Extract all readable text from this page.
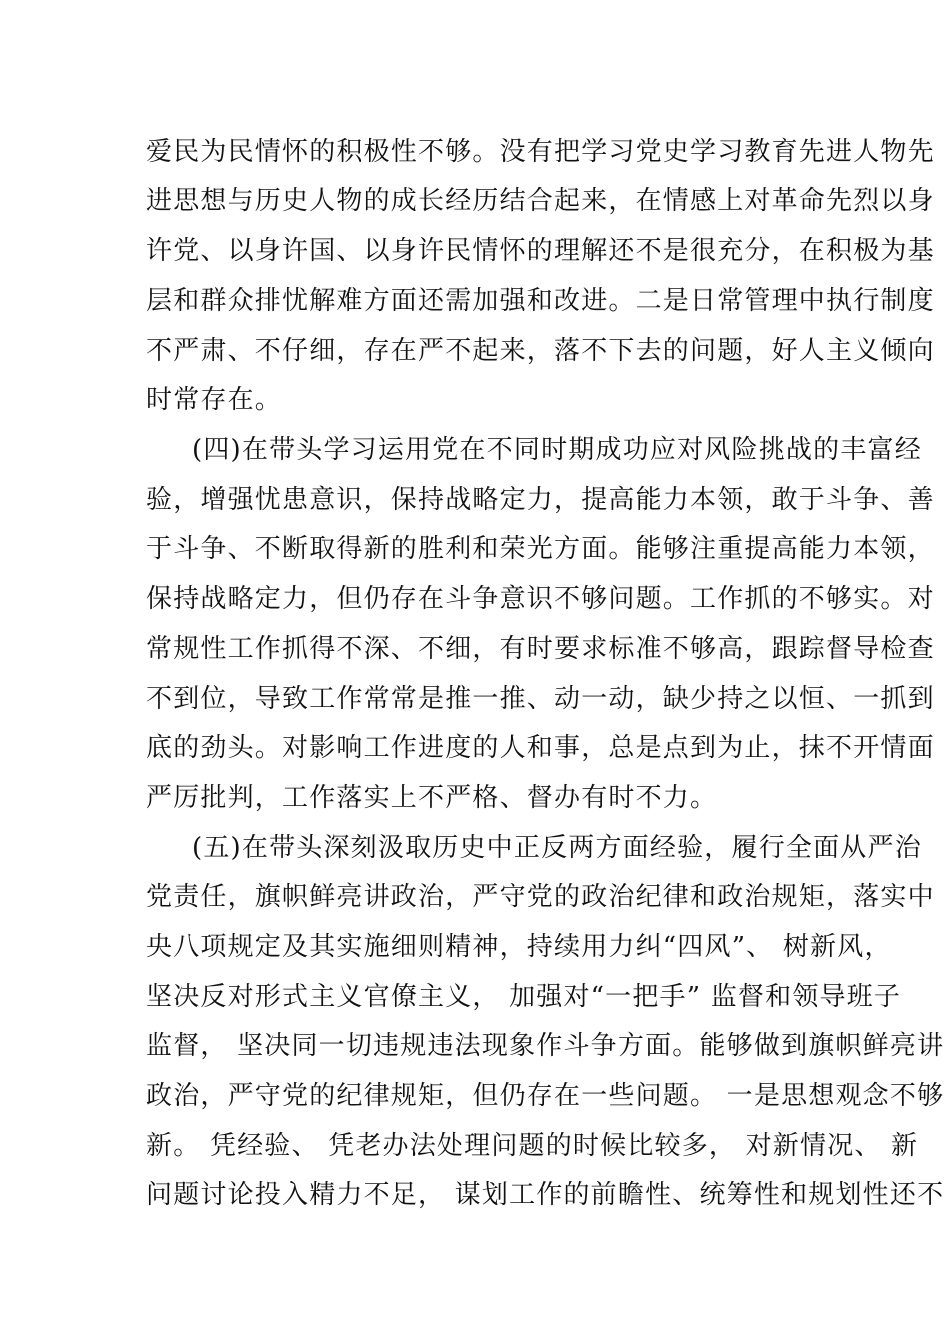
爱民为民情怀的积极性不够。没有把学习党史学习教育先进人物先
进思想与历史人物的成长经历结合起来，在情感上对革命先烈以身
许党、以身许国、以身许民情怀的理解还不是很充分，在积极为基
层和群众排忧解难方面还需加强和改进。二是日常管理中执行制度
不严肃、不仔细，存在严不起来，落不下去的问题，好人主义倾向
时常存在。
(四)在带头学习运用党在不同时期成功应对风险挑战的丰富经
验，增强忧患意识，保持战略定力，提高能力本领，敢于斗争、善
于斗争、不断取得新的胜利和荣光方面。能够注重提高能力本领，
保持战略定力，但仍存在斗争意识不够问题。工作抓的不够实。对
常规性工作抓得不深、不细，有时要求标准不够高，跟踪督导检查
不到位，导致工作常常是推一推、动一动，缺少持之以恒、一抓到
底的劲头。对影响工作进度的人和事，总是点到为止，抹不开情面
严厉批判，工作落实上不严格、督办有时不力。
(五)在带头深刻汲取历史中正反两方面经验，履行全面从严治
党责任，旗帜鲜亮讲政治，严守党的政治纪律和政治规矩，落实中
央八项规定及其实施细则精神，持续用力纠“四风”、 树新风，
坚决反对形式主义官僚主义， 加强对“一把手” 监督和领导班子
监督， 坚决同一切违规违法现象作斗争方面。能够做到旗帜鲜亮讲
政治，严守党的纪律规矩，但仍存在一些问题。 一是思想观念不够
新。 凭经验、 凭老办法处理问题的时候比较多， 对新情况、 新
问题讨论投入精力不足， 谋划工作的前瞻性、统筹性和规划性还不
